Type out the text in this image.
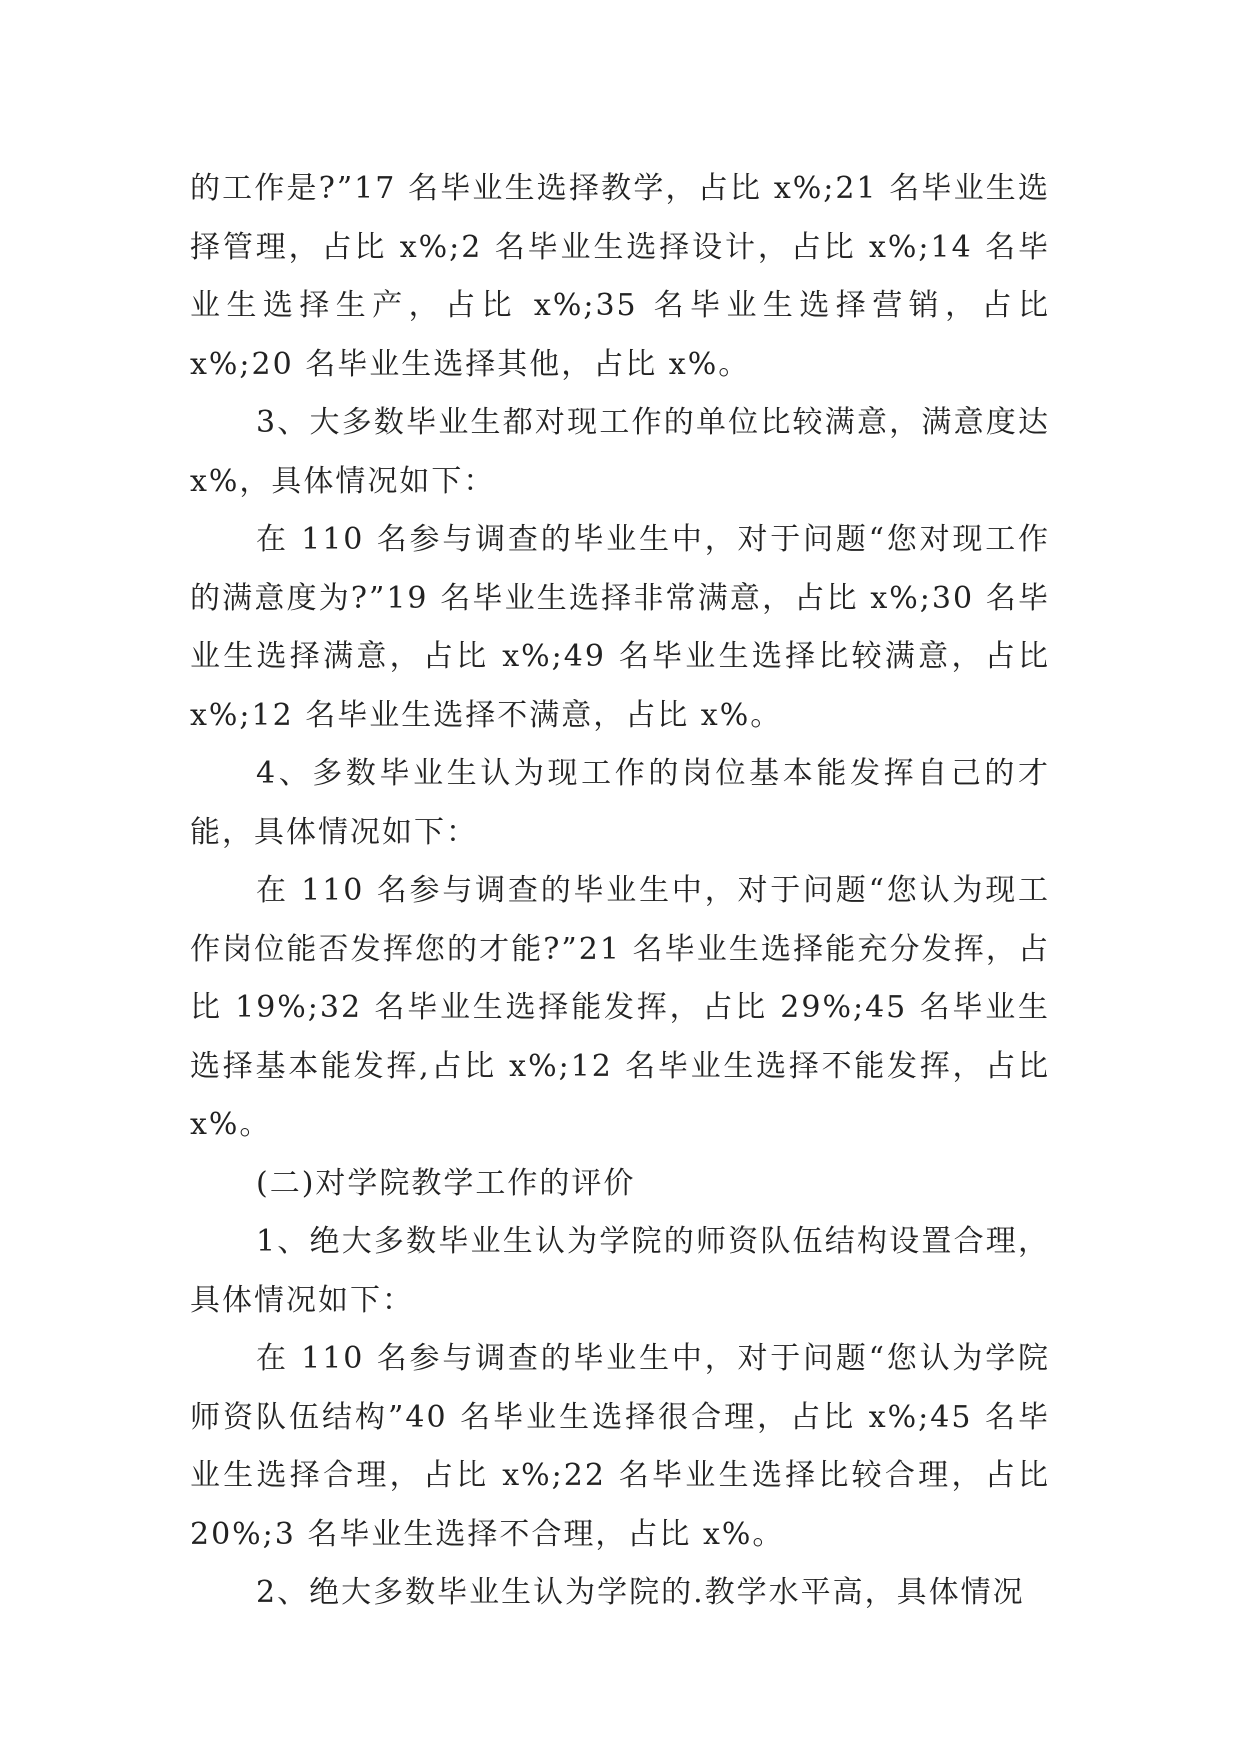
的工作是?”17 名毕业生选择教学，占比 x%;21 名毕业生选择管理，占比 x%;2 名毕业生选择设计，占比 x%;14 名毕业生选择生产，占比 x%;35 名毕业生选择营销，占比 x%;20 名毕业生选择其他，占比 x%。

3、大多数毕业生都对现工作的单位比较满意，满意度达 x%，具体情况如下：

在 110 名参与调查的毕业生中，对于问题“您对现工作的满意度为?”19 名毕业生选择非常满意，占比 x%;30 名毕业生选择满意，占比 x%;49 名毕业生选择比较满意，占比 x%;12 名毕业生选择不满意，占比 x%。

4、多数毕业生认为现工作的岗位基本能发挥自己的才能，具体情况如下：

在 110 名参与调查的毕业生中，对于问题“您认为现工作岗位能否发挥您的才能?”21 名毕业生选择能充分发挥，占比 19%;32 名毕业生选择能发挥，占比 29%;45 名毕业生选择基本能发挥,占比 x%;12 名毕业生选择不能发挥，占比 x%。

(二)对学院教学工作的评价

1、绝大多数毕业生认为学院的师资队伍结构设置合理，具体情况如下：

在 110 名参与调查的毕业生中，对于问题“您认为学院师资队伍结构”40 名毕业生选择很合理，占比 x%;45 名毕业生选择合理，占比 x%;22 名毕业生选择比较合理，占比 20%;3 名毕业生选择不合理，占比 x%。

2、绝大多数毕业生认为学院的.教学水平高，具体情况
